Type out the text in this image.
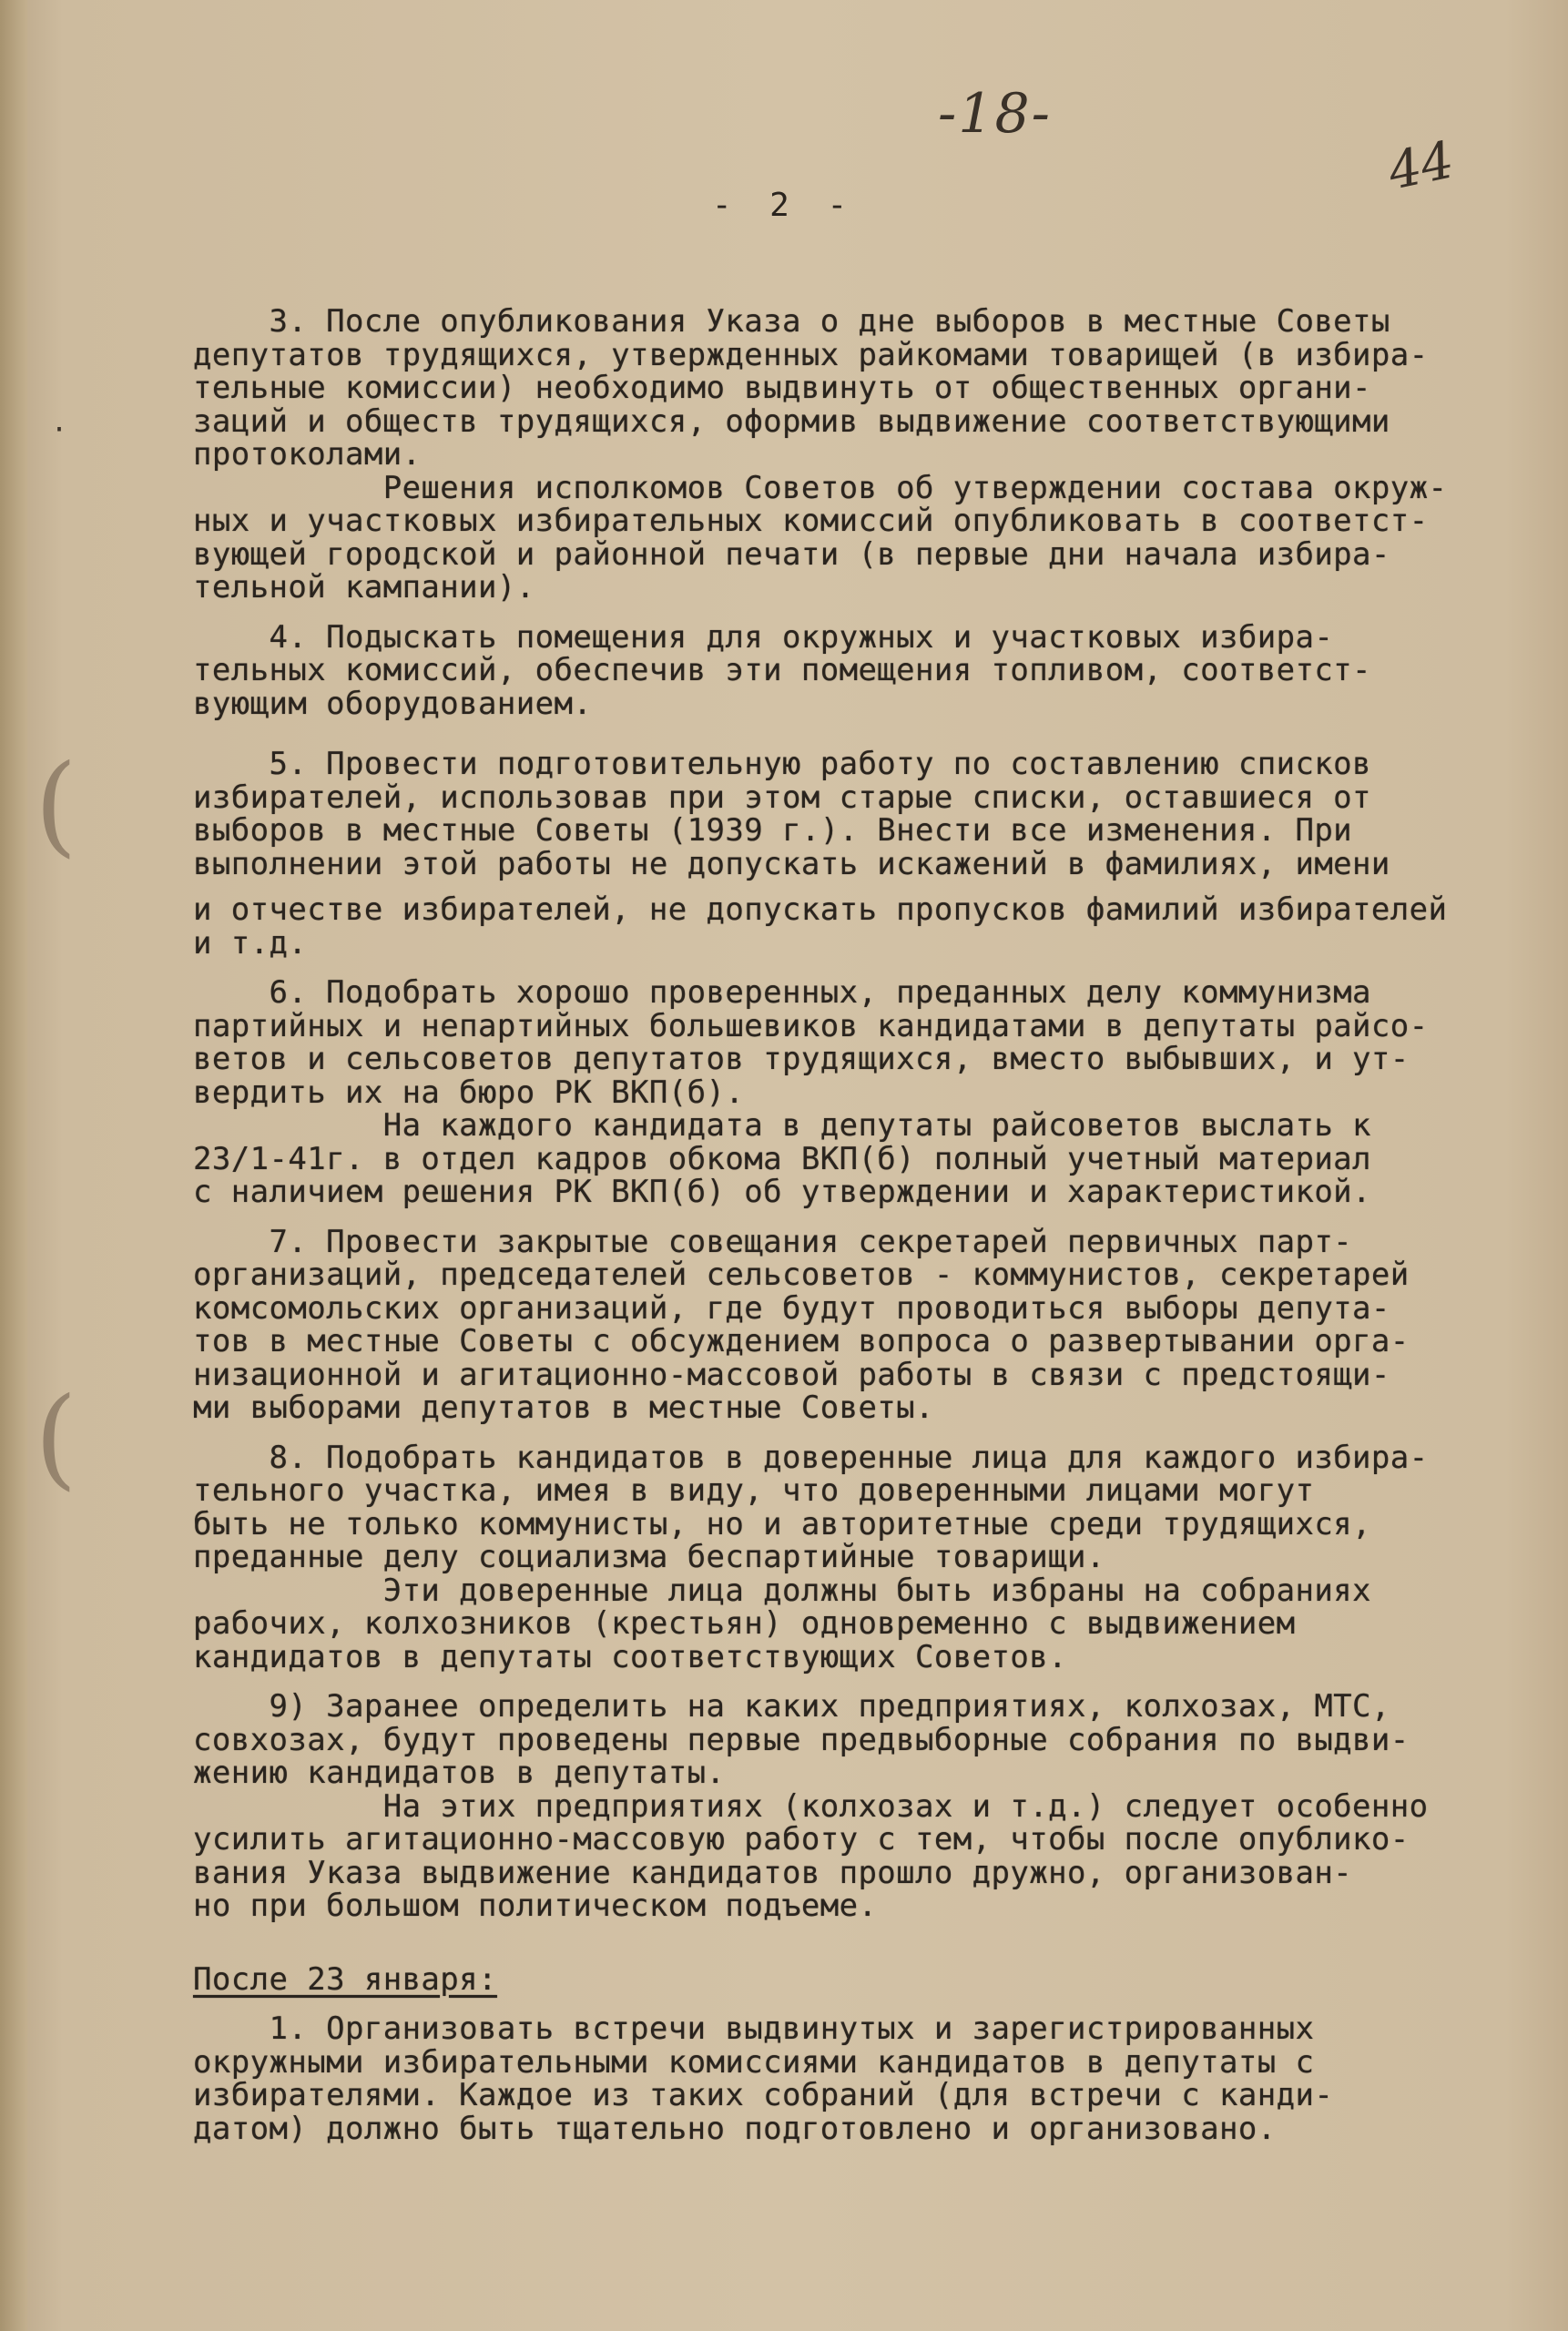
-18-
44
(
(
·
- 2 -
3. После опубликования Указа о дне выборов в местные Советы
депутатов трудящихся, утвержденных райкомами товарищей (в избира-
тельные комиссии) необходимо выдвинуть от общественных органи-
заций и обществ трудящихся, оформив выдвижение соответствующими
протоколами.
Решения исполкомов Советов об утверждении состава окруж-
ных и участковых избирательных комиссий опубликовать в соответст-
вующей городской и районной печати (в первые дни начала избира-
тельной кампании).
4. Подыскать помещения для окружных и участковых избира-
тельных комиссий, обеспечив эти помещения топливом, соответст-
вующим оборудованием.
5. Провести подготовительную работу по составлению списков
избирателей, использовав при этом старые списки, оставшиеся от
выборов в местные Советы (1939 г.). Внести все изменения. При
выполнении этой работы не допускать искажений в фамилиях, имени
и отчестве избирателей, не допускать пропусков фамилий избирателей
и т.д.
6. Подобрать хорошо проверенных, преданных делу коммунизма
партийных и непартийных большевиков кандидатами в депутаты райсо-
ветов и сельсоветов депутатов трудящихся, вместо выбывших, и ут-
вердить их на бюро РК ВКП(б).
На каждого кандидата в депутаты райсоветов выслать к
23/1-41г. в отдел кадров обкома ВКП(б) полный учетный материал
с наличием решения РК ВКП(б) об утверждении и характеристикой.
7. Провести закрытые совещания секретарей первичных парт-
организаций, председателей сельсоветов - коммунистов, секретарей
комсомольских организаций, где будут проводиться выборы депута-
тов в местные Советы с обсуждением вопроса о развертывании орга-
низационной и агитационно-массовой работы в связи с предстоящи-
ми выборами депутатов в местные Советы.
8. Подобрать кандидатов в доверенные лица для каждого избира-
тельного участка, имея в виду, что доверенными лицами могут
быть не только коммунисты, но и авторитетные среди трудящихся,
преданные делу социализма беспартийные товарищи.
Эти доверенные лица должны быть избраны на собраниях
рабочих, колхозников (крестьян) одновременно с выдвижением
кандидатов в депутаты соответствующих Советов.
9) Заранее определить на каких предприятиях, колхозах, МТС,
совхозах, будут проведены первые предвыборные собрания по выдви-
жению кандидатов в депутаты.
На этих предприятиях (колхозах и т.д.) следует особенно
усилить агитационно-массовую работу с тем, чтобы после опублико-
вания Указа выдвижение кандидатов прошло дружно, организован-
но при большом политическом подъеме.
После 23 января:
1. Организовать встречи выдвинутых и зарегистрированных
окружными избирательными комиссиями кандидатов в депутаты с
избирателями. Каждое из таких собраний (для встречи с канди-
датом) должно быть тщательно подготовлено и организовано.
